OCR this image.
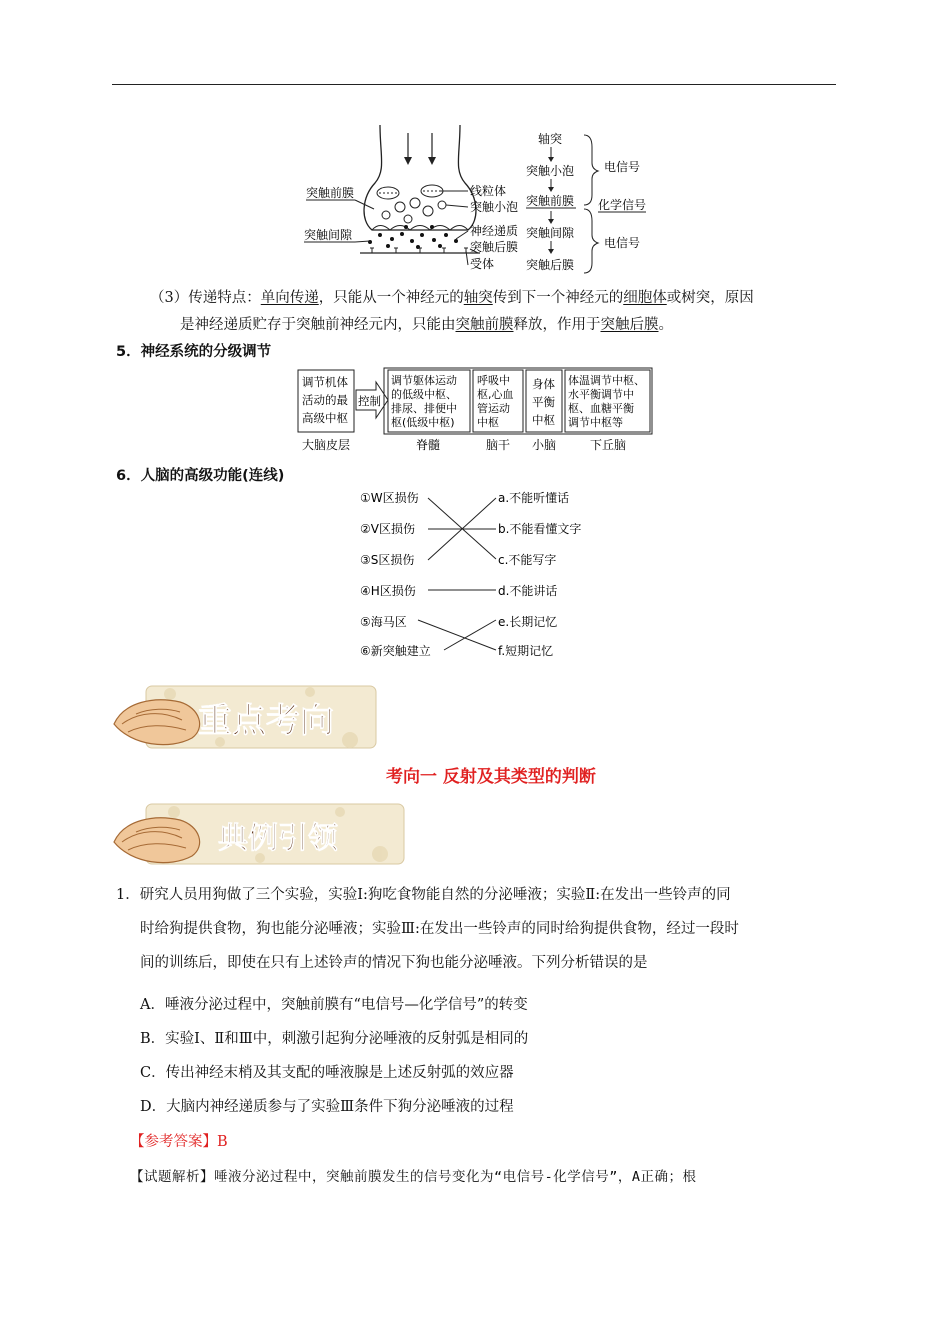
突触前膜
突触间隙
线粒体
突触小泡
神经递质
突触后膜
受体
轴突
突触小泡
突触前膜
突触间隙
突触后膜
电信号
化学信号
电信号
（3）传递特点：单向传递，只能从一个神经元的轴突传到下一个神经元的细胞体或树突，原因
是神经递质贮存于突触前神经元内，只能由突触前膜释放，作用于突触后膜。
5．神经系统的分级调节
调节机体
活动的最
高级中枢
控制
调节躯体运动
的低级中枢、
排尿、排便中
枢(低级中枢)
呼吸中
枢,心血
管运动
中枢
身体
平衡
中枢
体温调节中枢、
水平衡调节中
枢、血糖平衡
调节中枢等
大脑皮层	脊髓	脑干 小脑	下丘脑
6．人脑的高级功能(连线)
①W区损伤
②V区损伤
③S区损伤
④H区损伤
⑤海马区
⑥新突触建立
a.不能听懂话
b.不能看懂文字
c.不能写字
d.不能讲话
e.长期记忆
f.短期记忆
重点考向
考向一 反射及其类型的判断
典例引领
1．研究人员用狗做了三个实验，实验Ⅰ:狗吃食物能自然的分泌唾液；实验Ⅱ:在发出一些铃声的同
时给狗提供食物，狗也能分泌唾液；实验Ⅲ:在发出一些铃声的同时给狗提供食物，经过一段时
间的训练后，即使在只有上述铃声的情况下狗也能分泌唾液。下列分析错误的是
A．唾液分泌过程中，突触前膜有“电信号—化学信号”的转变
B．实验Ⅰ、Ⅱ和Ⅲ中，刺激引起狗分泌唾液的反射弧是相同的
C．传出神经末梢及其支配的唾液腺是上述反射弧的效应器
D．大脑内神经递质参与了实验Ⅲ条件下狗分泌唾液的过程
【参考答案】B
【试题解析】唾液分泌过程中，突触前膜发生的信号变化为“电信号-化学信号”，A正确；根
